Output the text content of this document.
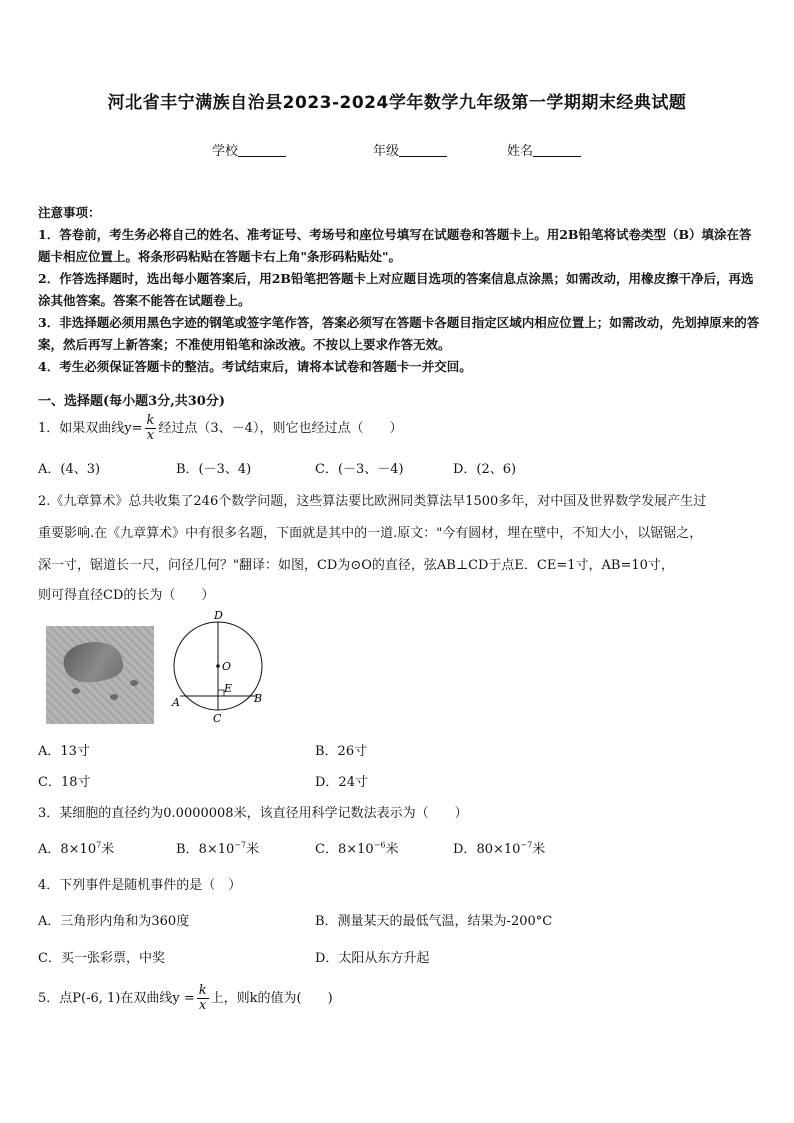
河北省丰宁满族自治县2023-2024学年数学九年级第一学期期末经典试题
学校	年级	姓名
注意事项：
1．答卷前，考生务必将自己的姓名、准考证号、考场号和座位号填写在试题卷和答题卡上。用2B铅笔将试卷类型（B）填涂在答题卡相应位置上。将条形码粘贴在答题卡右上角"条形码粘贴处"。
2．作答选择题时，选出每小题答案后，用2B铅笔把答题卡上对应题目选项的答案信息点涂黑；如需改动，用橡皮擦干净后，再选涂其他答案。答案不能答在试题卷上。
3．非选择题必须用黑色字迹的钢笔或签字笔作答，答案必须写在答题卡各题目指定区域内相应位置上；如需改动，先划掉原来的答案，然后再写上新答案；不准使用铅笔和涂改液。不按以上要求作答无效。
4．考生必须保证答题卡的整洁。考试结束后，请将本试卷和答题卡一并交回。
一、选择题(每小题3分,共30分)
1．如果双曲线$y= \frac{k}{x}$ 经过点（3、－4），则它也经过点（　　）
A．(4、3)	B．(－3、4)	C．(－3、－4)	D．(2、6)
2.《九章算术》总共收集了246个数学问题，这些算法要比欧洲同类算法早1500多年，对中国及世界数学发展产生过
重要影响.在《九章算术》中有很多名题，下面就是其中的一道.原文："今有圆材，埋在壁中，不知大小，以锯锯之，
深一寸，锯道长一尺，问径几何？"翻译：如图，CD为⊙O的直径，弦AB⊥CD于点E．CE=1寸，AB=10寸，
则可得直径CD的长为（　　）
D
O
E
A
C
B
A．13寸	B．26寸
C．18寸	D．24寸
3．某细胞的直径约为0.0000008米，该直径用科学记数法表示为（　　）
A．$8\times 10^7$米	B．$8\times 10^{-7}$米	C．$8\times 10^{-6}$米	D．$80\times 10^{-7}$米
4．下列事件是随机事件的是（　）
A．三角形内角和为360度	B．测量某天的最低气温，结果为-200°C
C．买一张彩票，中奖	D．太阳从东方升起
5．点P(-6, 1)在双曲线$y = \frac{k}{x}$ 上，则k的值为(　　)
